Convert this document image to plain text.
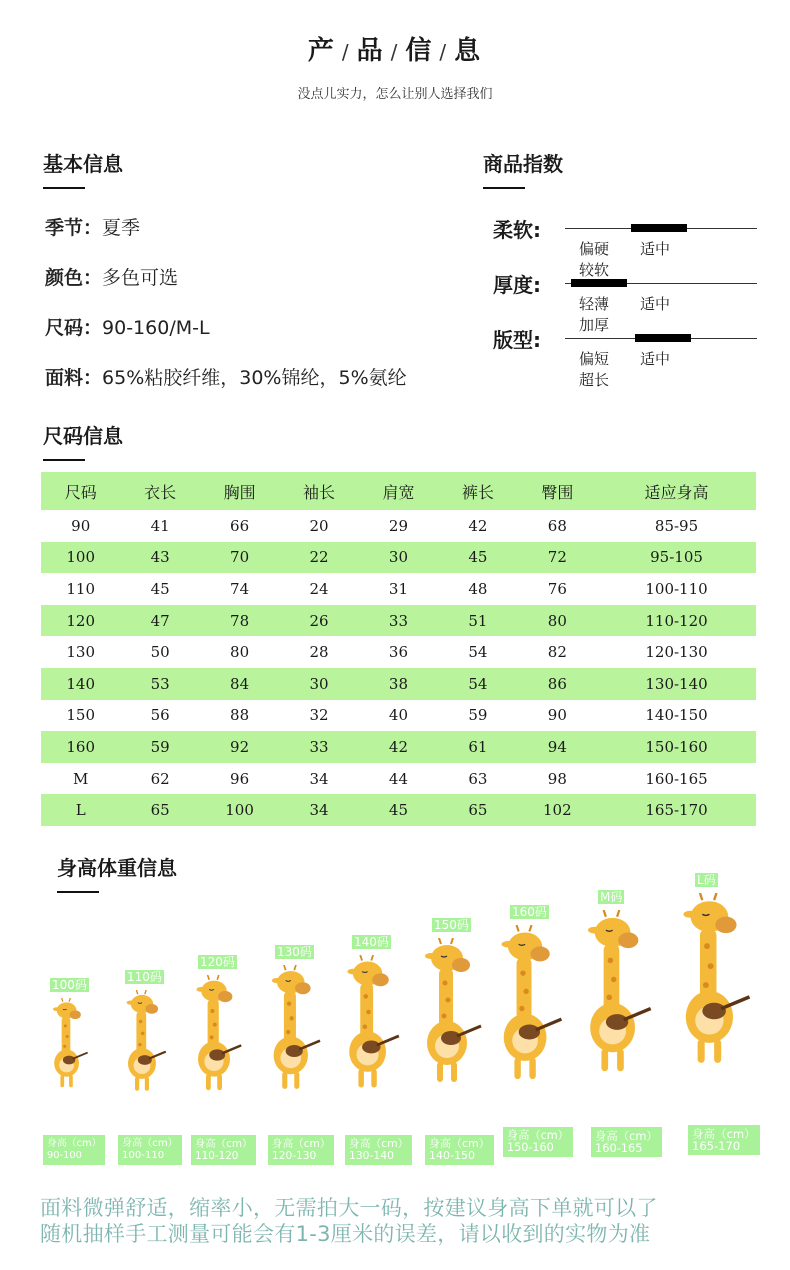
产 / 品 / 信 / 息
没点儿实力，怎么让别人选择我们
基本信息
季节：夏季
颜色：多色可选
尺码：90-160/M-L
面料：65%粘胶纤维，30%锦纶，5%氨纶
商品指数
柔软:
偏硬 适中较软
厚度:
轻薄 适中加厚
版型:
偏短 适中超长
尺码信息
尺码	衣长	胸围	袖长	肩宽	裤长	臀围	适应身高
90	41	66	20	29	42	68	85-95
100	43	70	22	30	45	72	95-105
110	45	74	24	31	48	76	100-110
120	47	78	26	33	51	80	110-120
130	50	80	28	36	54	82	120-130
140	53	84	30	38	54	86	130-140
150	56	88	32	40	59	90	140-150
160	59	92	33	42	61	94	150-160
M	62	96	34	44	63	98	160-165
L	65	100	34	45	65	102	165-170
身高体重信息
100码
身高（cm）
90-100
110码
身高（cm）
100-110
120码
身高（cm）
110-120
130码
身高（cm）
120-130
140码
身高（cm）
130-140
150码
身高（cm）
140-150
160码
身高（cm）
150-160
M码
身高（cm）
160-165
L码
身高（cm）
165-170
面料微弹舒适，缩率小，无需拍大一码，按建议身高下单就可以了
随机抽样手工测量可能会有1-3厘米的误差，请以收到的实物为准
